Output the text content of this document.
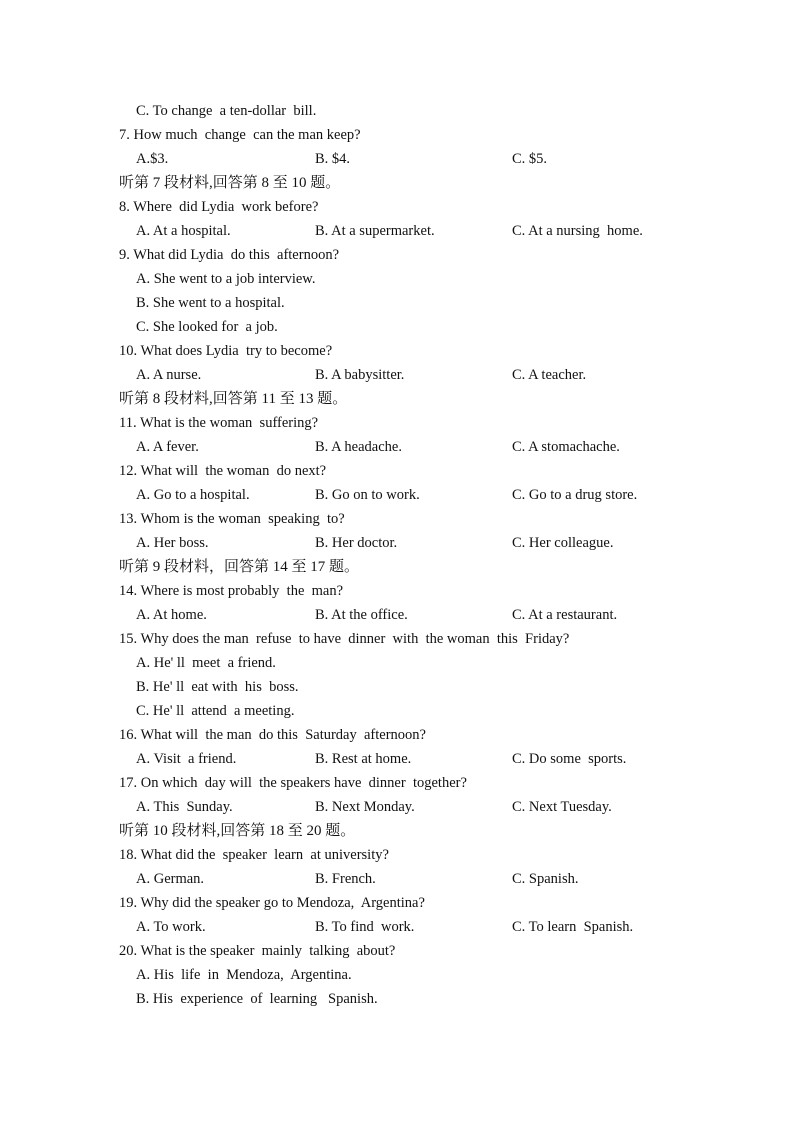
C. To change  a ten-dollar  bill.
7. How much  change  can the man keep?
A.$3.	B. $4.	C. $5.
听第 7 段材料,回答第 8 至 10 题。
8. Where  did Lydia  work before?
A. At a hospital.	B. At a supermarket.	C. At a nursing  home.
9. What did Lydia  do this  afternoon?
A. She went to a job interview.
B. She went to a hospital.
C. She looked for  a job.
10. What does Lydia  try to become?
A. A nurse.	B. A babysitter.	C. A teacher.
听第 8 段材料,回答第 11 至 13 题。
11. What is the woman  suffering?
A. A fever.	B. A headache.	C. A stomachache.
12. What will  the woman  do next?
A. Go to a hospital.	B. Go on to work.	C. Go to a drug store.
13. Whom is the woman  speaking  to?
A. Her boss.	B. Her doctor.	C. Her colleague.
听第 9 段材料，回答第 14 至 17 题。
14. Where is most probably  the  man?
A. At home.	B. At the office.	C. At a restaurant.
15. Why does the man  refuse  to have  dinner  with  the woman  this  Friday?
A. He' ll  meet  a friend.
B. He' ll  eat with  his  boss.
C. He' ll  attend  a meeting.
16. What will  the man  do this  Saturday  afternoon?
A. Visit  a friend.	B. Rest at home.	C. Do some  sports.
17. On which  day will  the speakers have  dinner  together?
A. This  Sunday.	B. Next Monday.	C. Next Tuesday.
听第 10 段材料,回答第 18 至 20 题。
18. What did the  speaker  learn  at university?
A. German.	B. French.	C. Spanish.
19. Why did the speaker go to Mendoza,  Argentina?
A. To work.	B. To find  work.	C. To learn  Spanish.
20. What is the speaker  mainly  talking  about?
A. His  life  in  Mendoza,  Argentina.
B. His  experience  of  learning   Spanish.
